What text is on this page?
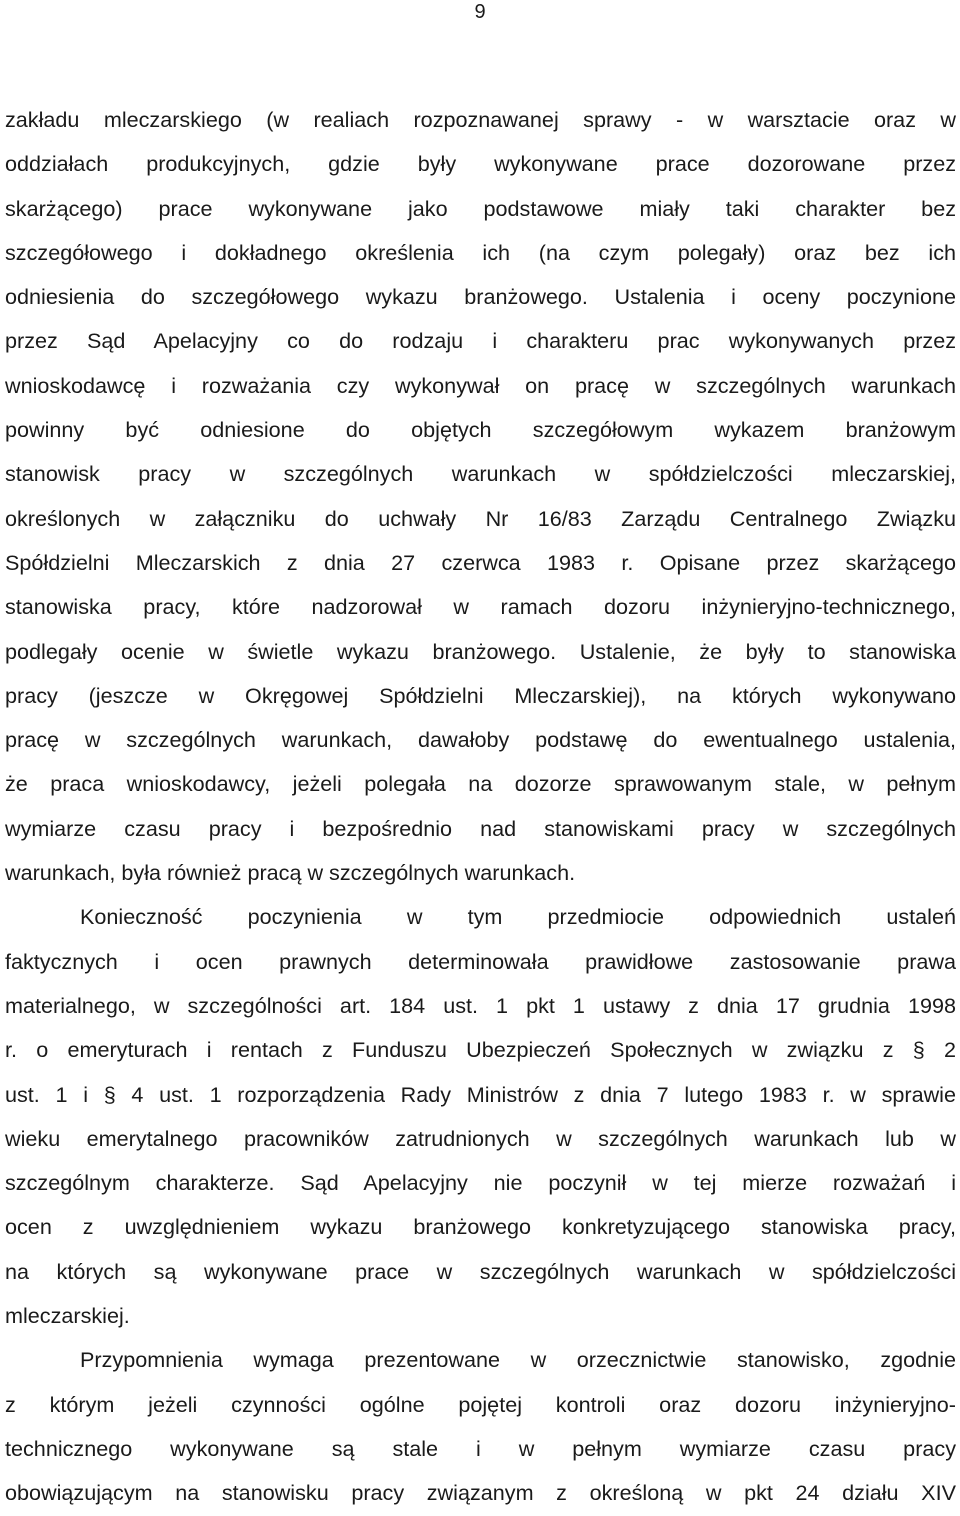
9
zakładu mleczarskiego (w realiach rozpoznawanej sprawy - w warsztacie oraz w
oddziałach produkcyjnych, gdzie były wykonywane prace dozorowane przez
skarżącego) prace wykonywane jako podstawowe miały taki charakter bez
szczegółowego i dokładnego określenia ich (na czym polegały) oraz bez ich
odniesienia do szczegółowego wykazu branżowego. Ustalenia i oceny poczynione
przez Sąd Apelacyjny co do rodzaju i charakteru prac wykonywanych przez
wnioskodawcę i rozważania czy wykonywał on pracę w szczególnych warunkach
powinny być odniesione do objętych szczegółowym wykazem branżowym
stanowisk pracy w szczególnych warunkach w spółdzielczości mleczarskiej,
określonych w załączniku do uchwały Nr 16/83 Zarządu Centralnego Związku
Spółdzielni Mleczarskich z dnia 27 czerwca 1983 r. Opisane przez skarżącego
stanowiska pracy, które nadzorował w ramach dozoru inżynieryjno-technicznego,
podlegały ocenie w świetle wykazu branżowego. Ustalenie, że były to stanowiska
pracy (jeszcze w Okręgowej Spółdzielni Mleczarskiej), na których wykonywano
pracę w szczególnych warunkach, dawałoby podstawę do ewentualnego ustalenia,
że praca wnioskodawcy, jeżeli polegała na dozorze sprawowanym stale, w pełnym
wymiarze czasu pracy i bezpośrednio nad stanowiskami pracy w szczególnych
warunkach, była również pracą w szczególnych warunkach.
Konieczność poczynienia w tym przedmiocie odpowiednich ustaleń
faktycznych i ocen prawnych determinowała prawidłowe zastosowanie prawa
materialnego, w szczególności art. 184 ust. 1 pkt 1 ustawy z dnia 17 grudnia 1998
r. o emeryturach i rentach z Funduszu Ubezpieczeń Społecznych w związku z § 2
ust. 1 i § 4 ust. 1 rozporządzenia Rady Ministrów z dnia 7 lutego 1983 r. w sprawie
wieku emerytalnego pracowników zatrudnionych w szczególnych warunkach lub w
szczególnym charakterze. Sąd Apelacyjny nie poczynił w tej mierze rozważań i
ocen z uwzględnieniem wykazu branżowego konkretyzującego stanowiska pracy,
na których są wykonywane prace w szczególnych warunkach w spółdzielczości
mleczarskiej.
Przypomnienia wymaga prezentowane w orzecznictwie stanowisko, zgodnie
z którym jeżeli czynności ogólne pojętej kontroli oraz dozoru inżynieryjno-
technicznego wykonywane są stale i w pełnym wymiarze czasu pracy
obowiązującym na stanowisku pracy związanym z określoną w pkt 24 działu XIV
